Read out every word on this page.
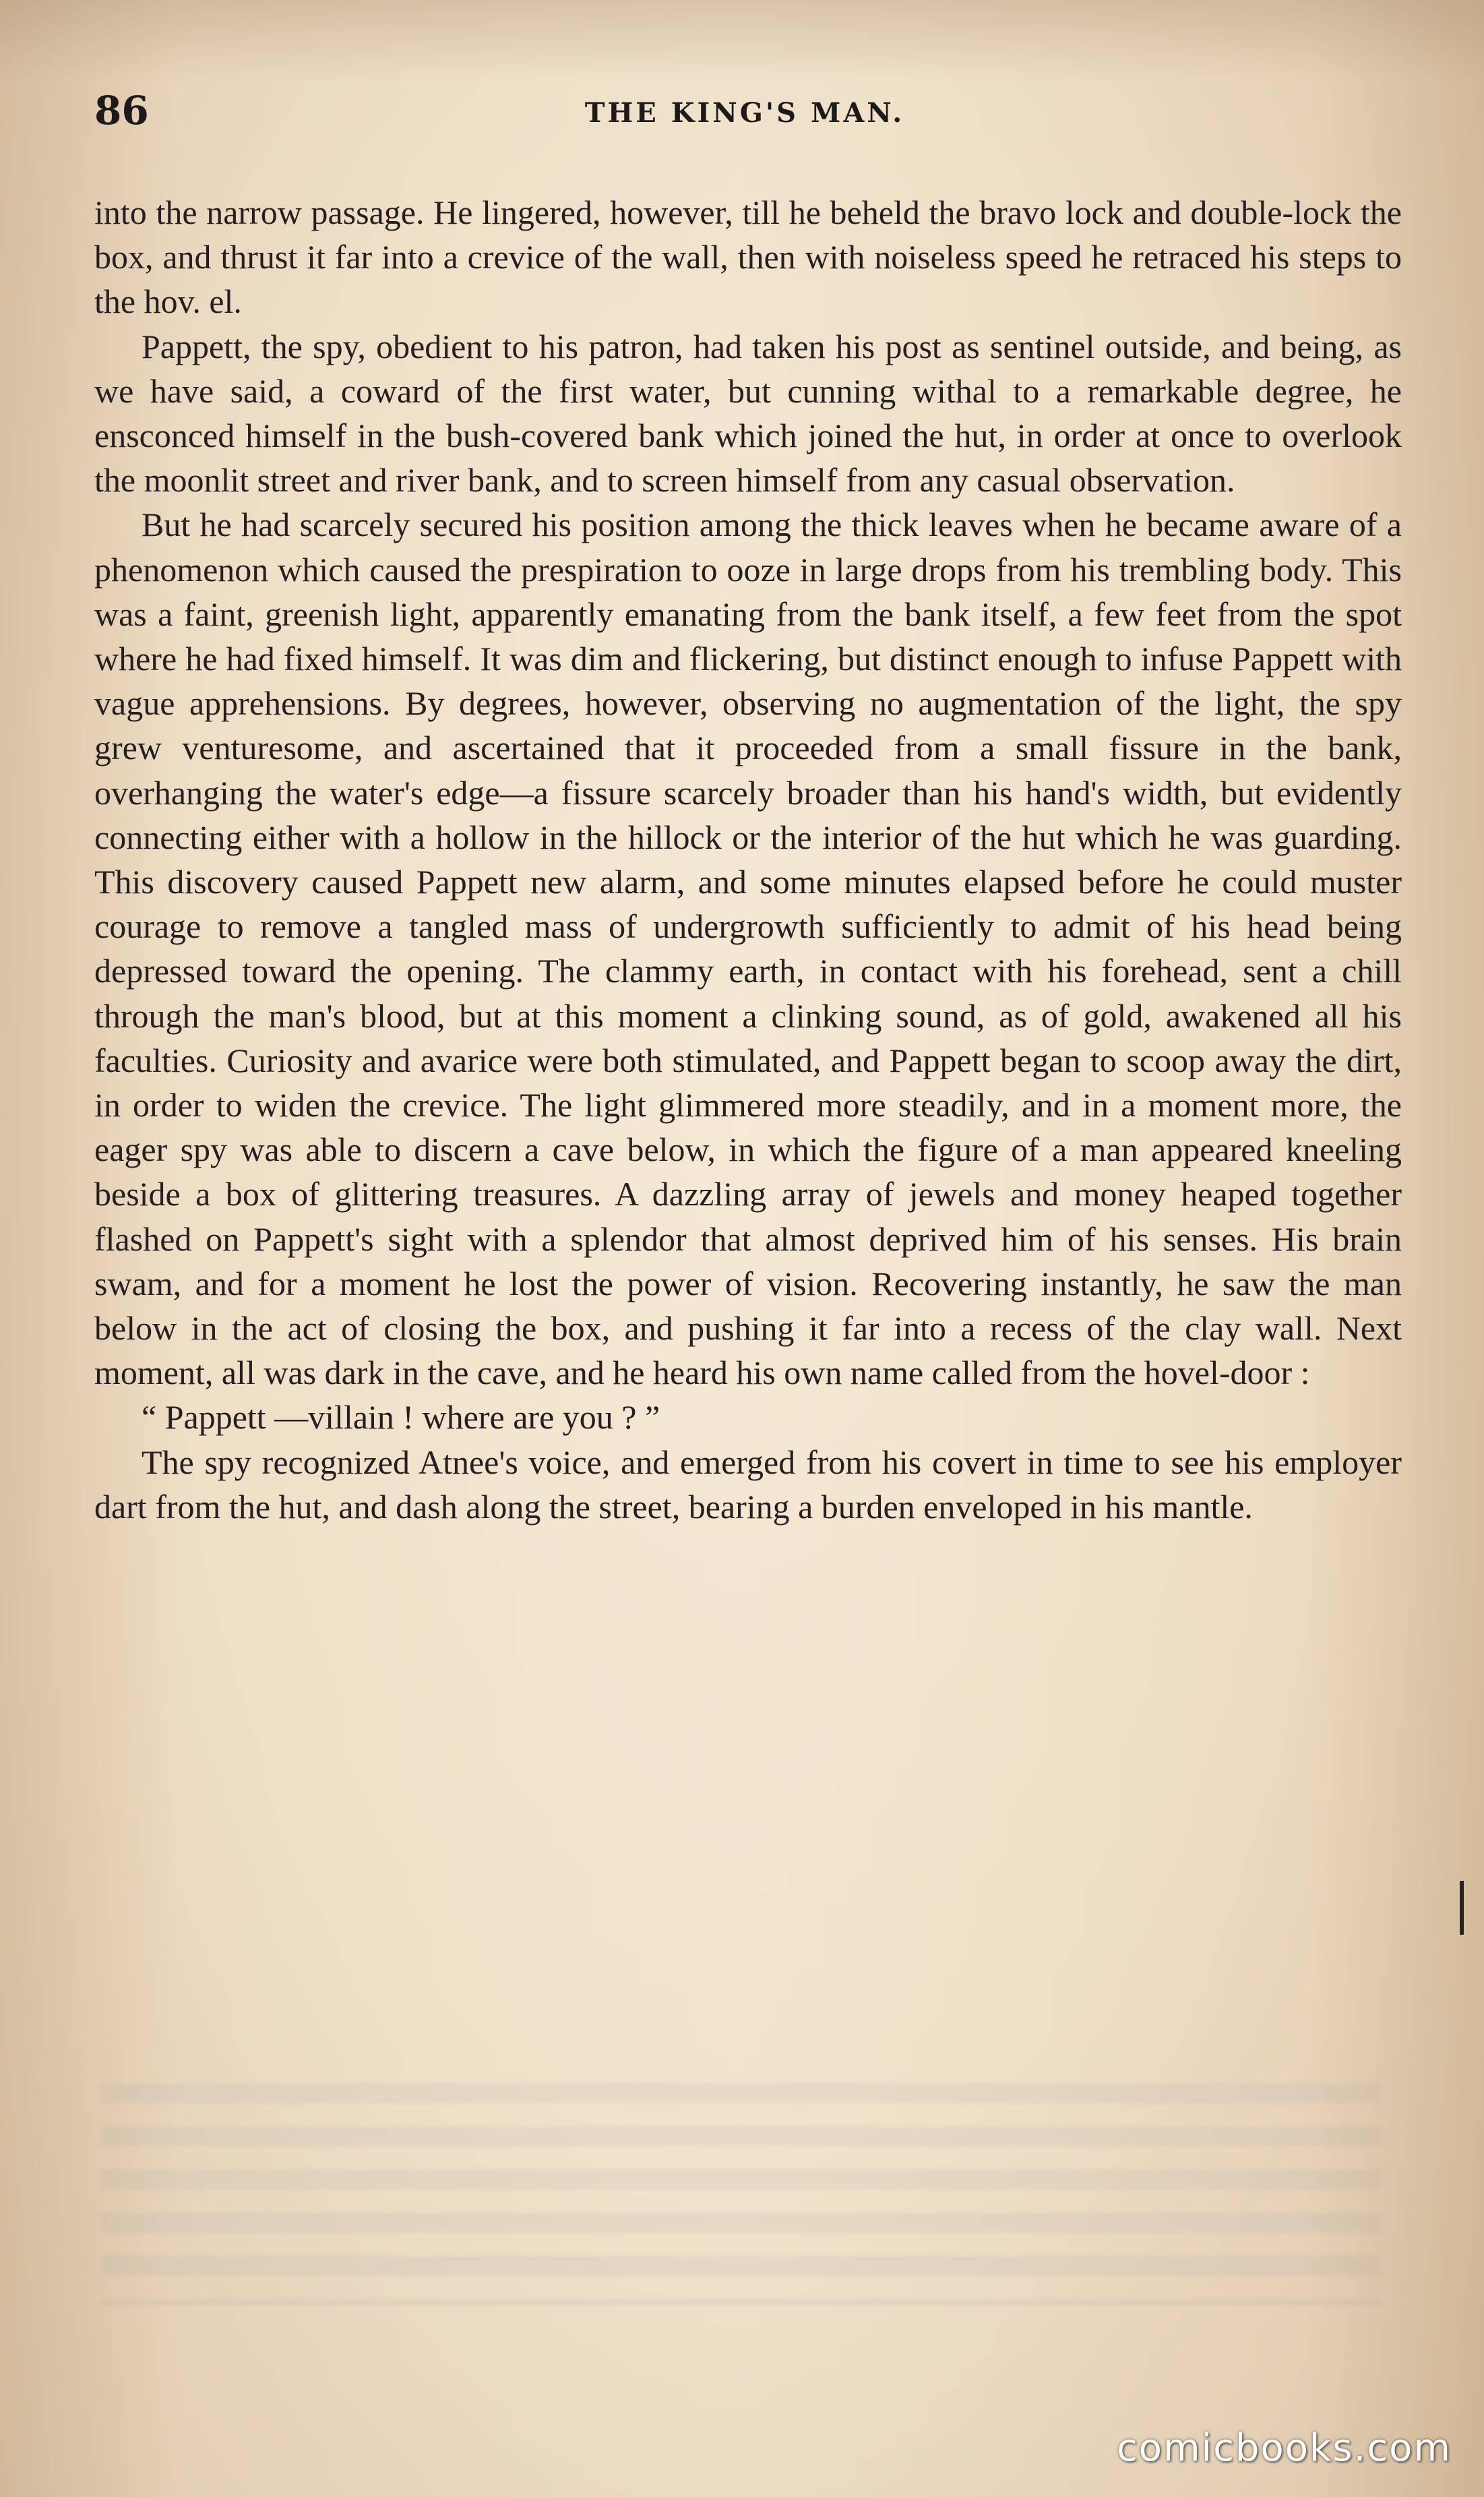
86	THE KING'S MAN.

into the narrow passage. He lingered, however, till he beheld the bravo lock and double-lock the box, and thrust it far into a crevice of the wall, then with noiseless speed he retraced his steps to the hov. el.

Pappett, the spy, obedient to his patron, had taken his post as sentinel outside, and being, as we have said, a coward of the first water, but cunning withal to a remarkable degree, he ensconced himself in the bush-covered bank which joined the hut, in order at once to overlook the moonlit street and river bank, and to screen himself from any casual observation.

But he had scarcely secured his position among the thick leaves when he became aware of a phenomenon which caused the prespiration to ooze in large drops from his trembling body. This was a faint, greenish light, apparently emanating from the bank itself, a few feet from the spot where he had fixed himself. It was dim and flickering, but distinct enough to infuse Pappett with vague apprehensions. By degrees, however, observing no augmentation of the light, the spy grew venturesome, and ascertained that it proceeded from a small fissure in the bank, overhanging the water's edge—a fissure scarcely broader than his hand's width, but evidently connecting either with a hollow in the hillock or the interior of the hut which he was guarding. This discovery caused Pappett new alarm, and some minutes elapsed before he could muster courage to remove a tangled mass of undergrowth sufficiently to admit of his head being depressed toward the opening. The clammy earth, in contact with his forehead, sent a chill through the man's blood, but at this moment a clinking sound, as of gold, awakened all his faculties. Curiosity and avarice were both stimulated, and Pappett began to scoop away the dirt, in order to widen the crevice. The light glimmered more steadily, and in a moment more, the eager spy was able to discern a cave below, in which the figure of a man appeared kneeling beside a box of glittering treasures. A dazzling array of jewels and money heaped together flashed on Pappett's sight with a splendor that almost deprived him of his senses. His brain swam, and for a moment he lost the power of vision. Recovering instantly, he saw the man below in the act of closing the box, and pushing it far into a recess of the clay wall. Next moment, all was dark in the cave, and he heard his own name called from the hovel-door :

“ Pappett —villain ! where are you ? ”

The spy recognized Atnee's voice, and emerged from his covert in time to see his employer dart from the hut, and dash along the street, bearing a burden enveloped in his mantle.

comicbooks.com
